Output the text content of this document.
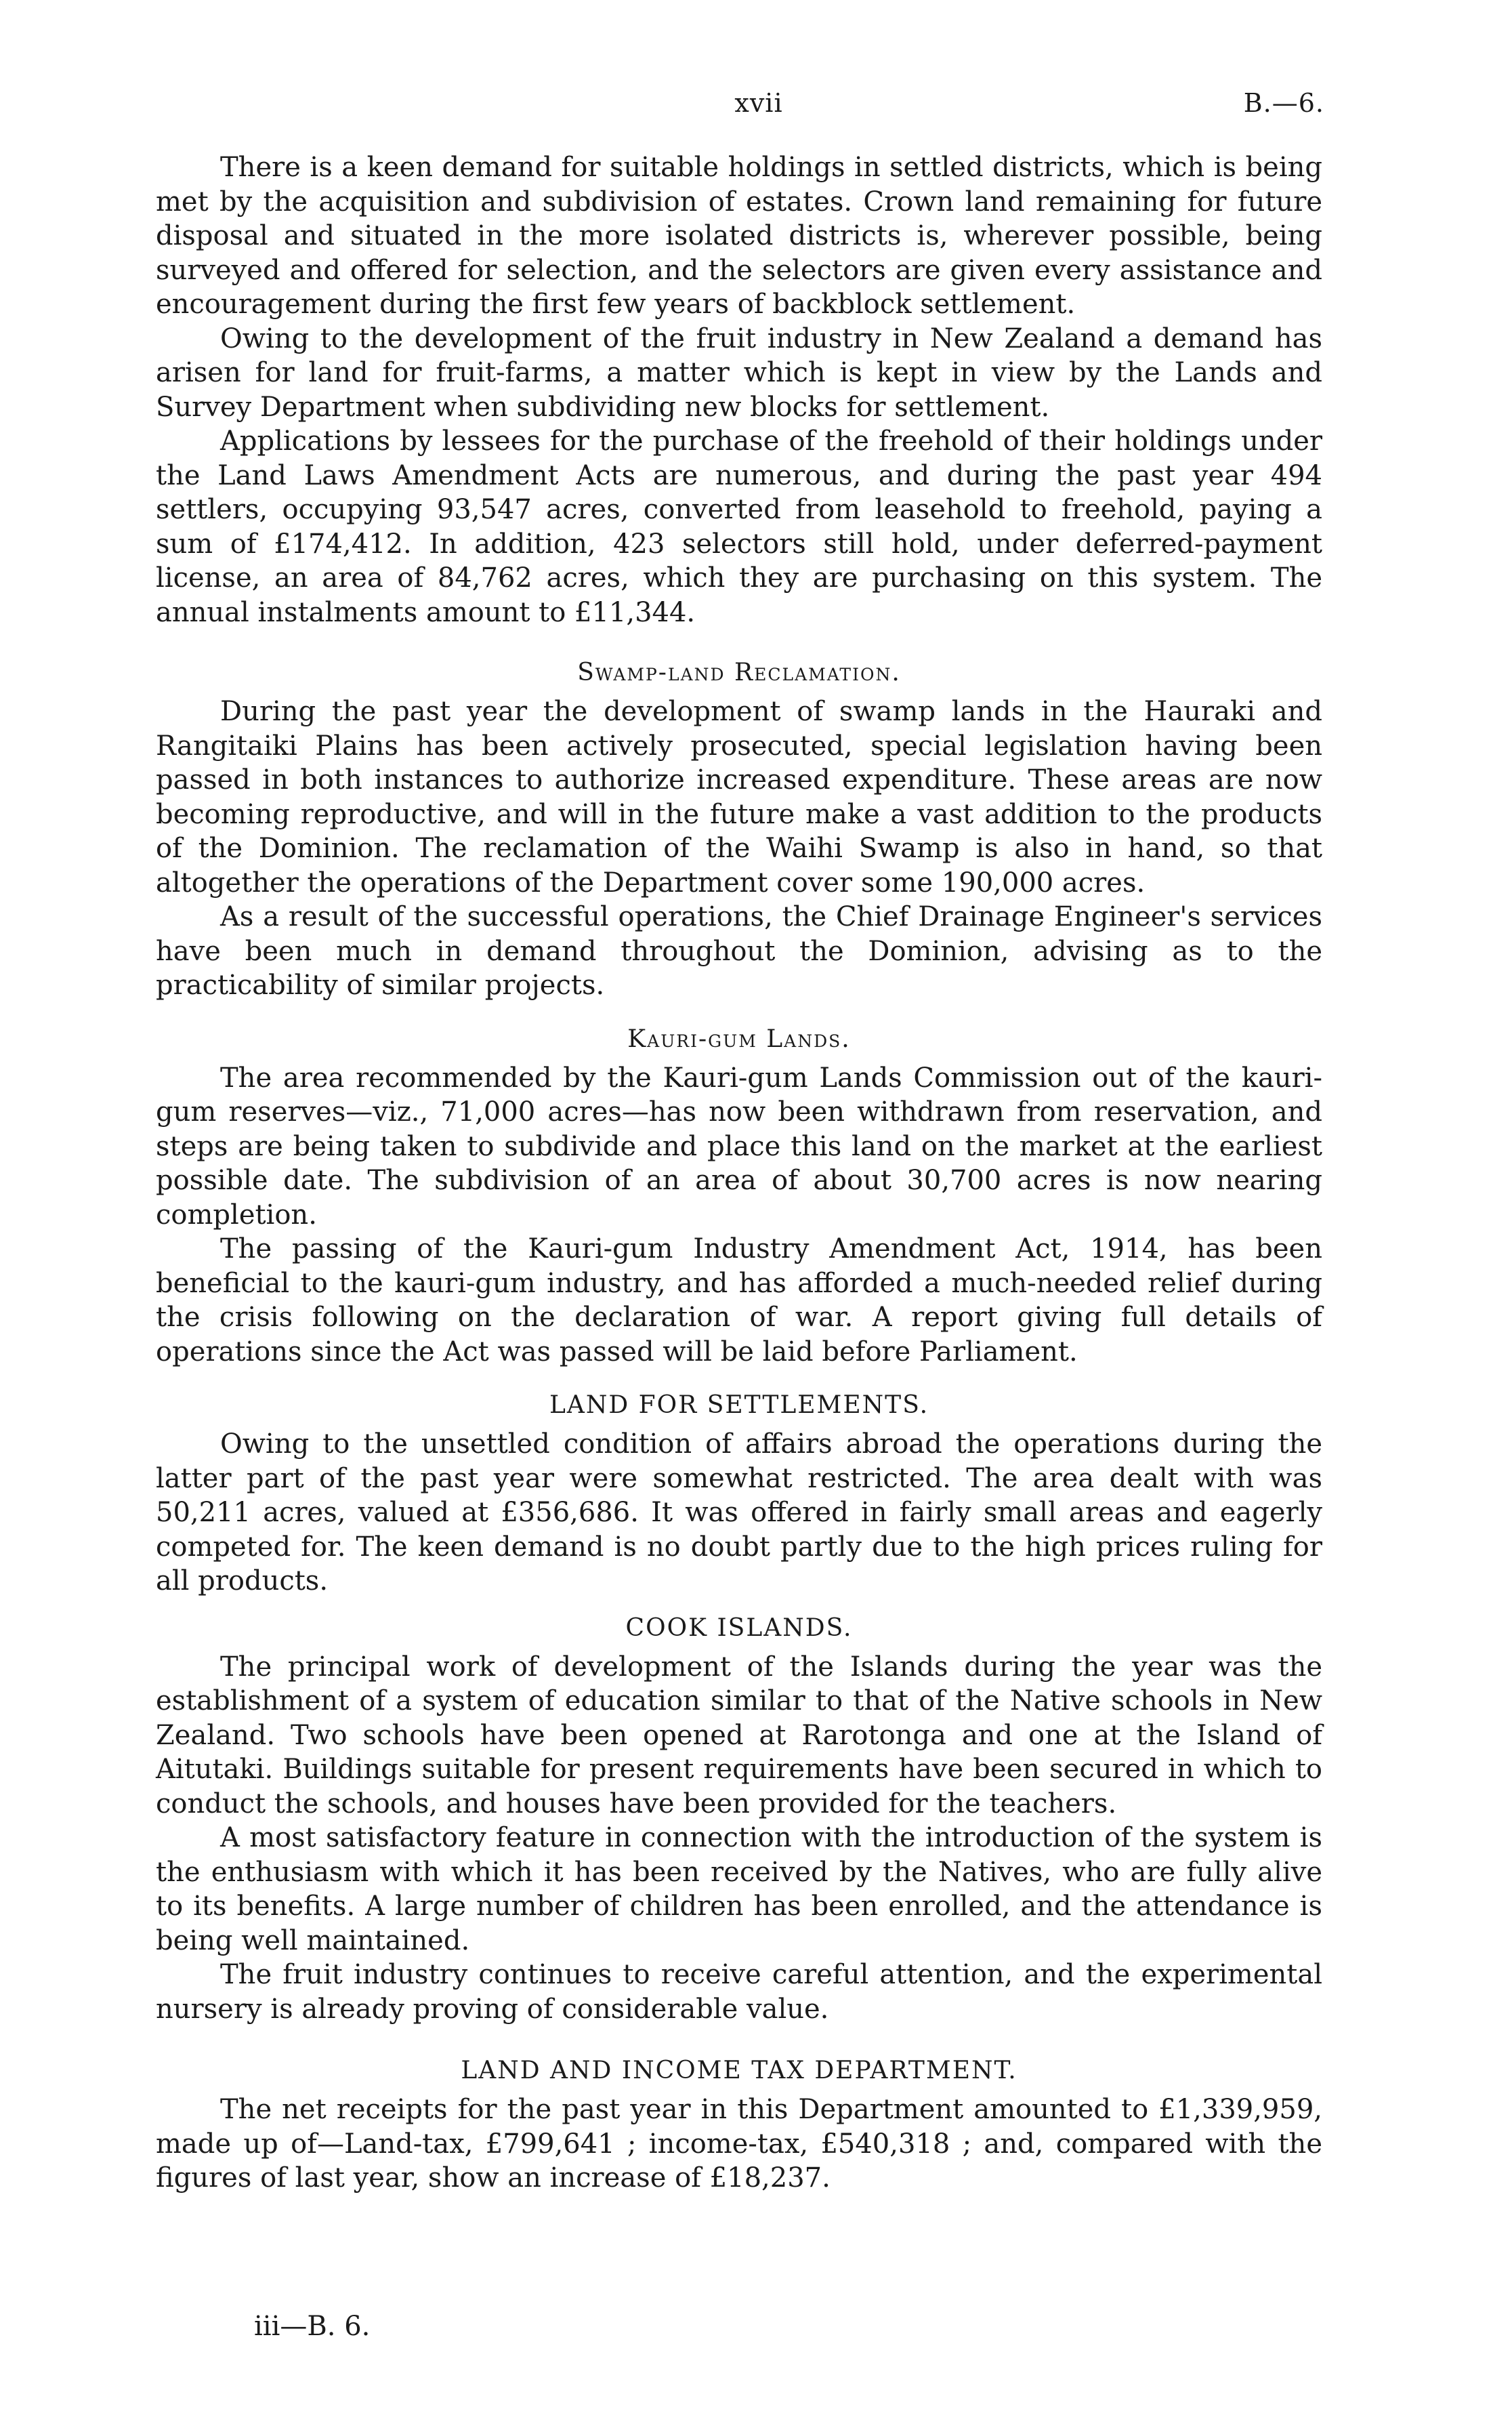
xvii	B.—6.

There is a keen demand for suitable holdings in settled districts, which is being met by the acquisition and subdivision of estates. Crown land remaining for future disposal and situated in the more isolated districts is, wherever possible, being surveyed and offered for selection, and the selectors are given every assistance and encouragement during the first few years of backblock settlement.

Owing to the development of the fruit industry in New Zealand a demand has arisen for land for fruit-farms, a matter which is kept in view by the Lands and Survey Department when subdividing new blocks for settlement.

Applications by lessees for the purchase of the freehold of their holdings under the Land Laws Amendment Acts are numerous, and during the past year 494 settlers, occupying 93,547 acres, converted from leasehold to freehold, paying a sum of £174,412. In addition, 423 selectors still hold, under deferred-payment license, an area of 84,762 acres, which they are purchasing on this system. The annual instalments amount to £11,344.

Swamp-land Reclamation.

During the past year the development of swamp lands in the Hauraki and Rangitaiki Plains has been actively prosecuted, special legislation having been passed in both instances to authorize increased expenditure. These areas are now becoming reproductive, and will in the future make a vast addition to the products of the Dominion. The reclamation of the Waihi Swamp is also in hand, so that altogether the operations of the Department cover some 190,000 acres.

As a result of the successful operations, the Chief Drainage Engineer's services have been much in demand throughout the Dominion, advising as to the practicability of similar projects.

Kauri-gum Lands.

The area recommended by the Kauri-gum Lands Commission out of the kauri-gum reserves—viz., 71,000 acres—has now been withdrawn from reservation, and steps are being taken to subdivide and place this land on the market at the earliest possible date. The subdivision of an area of about 30,700 acres is now nearing completion.

The passing of the Kauri-gum Industry Amendment Act, 1914, has been beneficial to the kauri-gum industry, and has afforded a much-needed relief during the crisis following on the declaration of war. A report giving full details of operations since the Act was passed will be laid before Parliament.

LAND FOR SETTLEMENTS.

Owing to the unsettled condition of affairs abroad the operations during the latter part of the past year were somewhat restricted. The area dealt with was 50,211 acres, valued at £356,686. It was offered in fairly small areas and eagerly competed for. The keen demand is no doubt partly due to the high prices ruling for all products.

COOK ISLANDS.

The principal work of development of the Islands during the year was the establishment of a system of education similar to that of the Native schools in New Zealand. Two schools have been opened at Rarotonga and one at the Island of Aitutaki. Buildings suitable for present requirements have been secured in which to conduct the schools, and houses have been provided for the teachers.

A most satisfactory feature in connection with the introduction of the system is the enthusiasm with which it has been received by the Natives, who are fully alive to its benefits. A large number of children has been enrolled, and the attendance is being well maintained.

The fruit industry continues to receive careful attention, and the experimental nursery is already proving of considerable value.

LAND AND INCOME TAX DEPARTMENT.

The net receipts for the past year in this Department amounted to £1,339,959, made up of—Land-tax, £799,641 ; income-tax, £540,318 ; and, compared with the figures of last year, show an increase of £18,237.

iii—B. 6.
